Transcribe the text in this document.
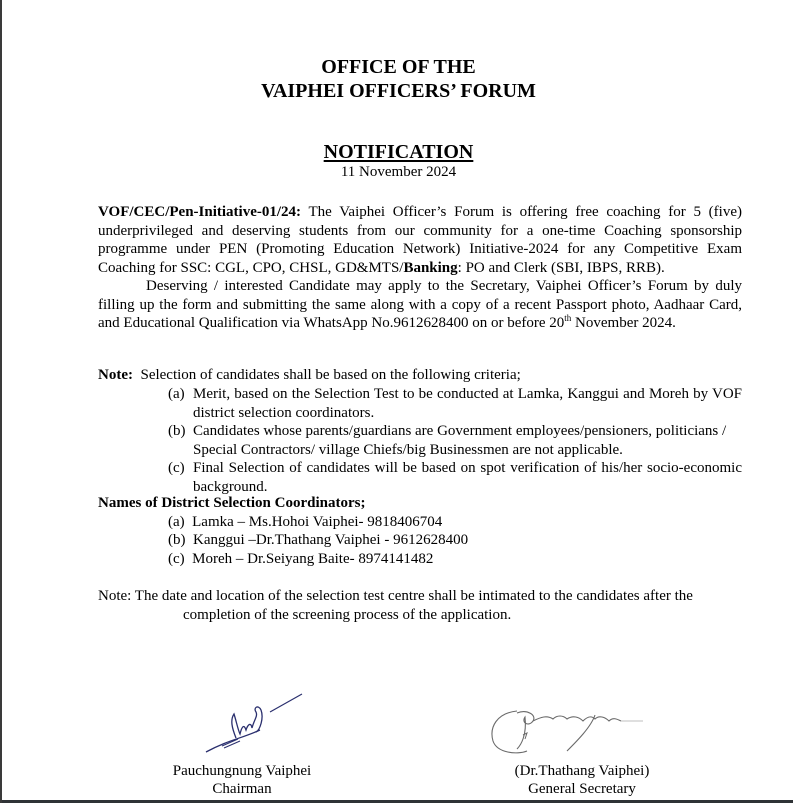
OFFICE OF THE
VAIPHEI OFFICERS’ FORUM
NOTIFICATION
11 November 2024
VOF/CEC/Pen-Initiative-01/24: The Vaiphei Officer’s Forum is offering free coaching for 5 (five) underprivileged and deserving students from our community for a one-time Coaching sponsorship programme under PEN (Promoting Education Network) Initiative-2024 for any Competitive Exam Coaching for SSC: CGL, CPO, CHSL, GD&MTS/Banking: PO and Clerk (SBI, IBPS, RRB).
Deserving / interested Candidate may apply to the Secretary, Vaiphei Officer’s Forum by duly filling up the form and submitting the same along with a copy of a recent Passport photo, Aadhaar Card, and Educational Qualification via WhatsApp No.9612628400 on or before 20th November 2024.
Note:  Selection of candidates shall be based on the following criteria;
(a) Merit, based on the Selection Test to be conducted at Lamka, Kanggui and Moreh by VOF district selection coordinators.
(b) Candidates whose parents/guardians are Government employees/pensioners, politicians / Special Contractors/ village Chiefs/big Businessmen are not applicable.
(c) Final Selection of candidates will be based on spot verification of his/her socio-economic background.
Names of District Selection Coordinators;
(a)  Lamka – Ms.Hohoi Vaiphei- 9818406704
(b)  Kanggui –Dr.Thathang Vaiphei - 9612628400
(c)  Moreh – Dr.Seiyang Baite- 8974141482
Note: The date and location of the selection test centre shall be intimated to the candidates after the
completion of the screening process of the application.
Pauchungnung Vaiphei
Chairman
(Dr.Thathang Vaiphei)
General Secretary
